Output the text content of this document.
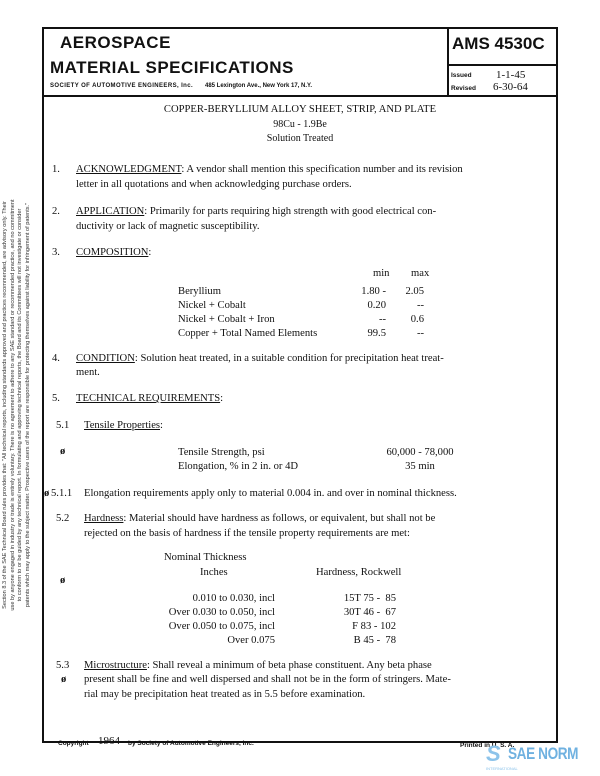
AEROSPACE
MATERIAL SPECIFICATIONS
SOCIETY OF AUTOMOTIVE ENGINEERS, Inc. 485 Lexington Ave., New York 17, N.Y.
AMS 4530C
Issued 1-1-45
Revised 6-30-64
COPPER-BERYLLIUM ALLOY SHEET, STRIP, AND PLATE
98Cu - 1.9Be
Solution Treated
1. ACKNOWLEDGMENT: A vendor shall mention this specification number and its revision
letter in all quotations and when acknowledging purchase orders.
2. APPLICATION: Primarily for parts requiring high strength with good electrical con-
ductivity or lack of magnetic susceptibility.
3. COMPOSITION:
min max
Beryllium	1.80 -	2.05
Nickel + Cobalt	0.20	--
Nickel + Cobalt + Iron	--	0.6
Copper + Total Named Elements	99.5	--
4. CONDITION: Solution heat treated, in a suitable condition for precipitation heat treat-
ment.
5. TECHNICAL REQUIREMENTS:
5.1 Tensile Properties:
ø	Tensile Strength, psi	60,000 - 78,000
Elongation, % in 2 in. or 4D	35 min
ø 5.1.1 Elongation requirements apply only to material 0.004 in. and over in nominal thickness.
5.2 Hardness: Material should have hardness as follows, or equivalent, but shall not be
rejected on the basis of hardness if the tensile property requirements are met:
Nominal Thickness
Inches	Hardness, Rockwell
ø
0.010 to 0.030, incl	15T 75 -  85
Over 0.030 to 0.050, incl	30T 46 -  67
Over 0.050 to 0.075, incl	F 83 - 102
Over 0.075	B 45 -  78
5.3
ø
Microstructure: Shall reveal a minimum of beta phase constituent. Any beta phase
present shall be fine and well dispersed and shall not be in the form of stringers. Mate-
rial may be precipitation heat treated as in 5.5 before examination.
Section 8.3 of the SAE Technical Board rules provides that: "All technical reports, including standards approved and practices recommended, are advisory only. Their use by anyone engaged in industry or trade is entirely voluntary. There is no agreement to adhere to any SAE standard or recommended practice, and no commitment to conform to or be guided by any technical report. In formulating and approving technical reports, the Board and its Committees will not investigate or consider patents which may apply to the subject matter. Prospective users of the report are responsible for protecting themselves against liability for infringement of patents."
Copyright 1964 by Society of Automotive Engineers, Inc.	Printed in U. S. A.
SAE NORM
S
INTERNATIONAL
